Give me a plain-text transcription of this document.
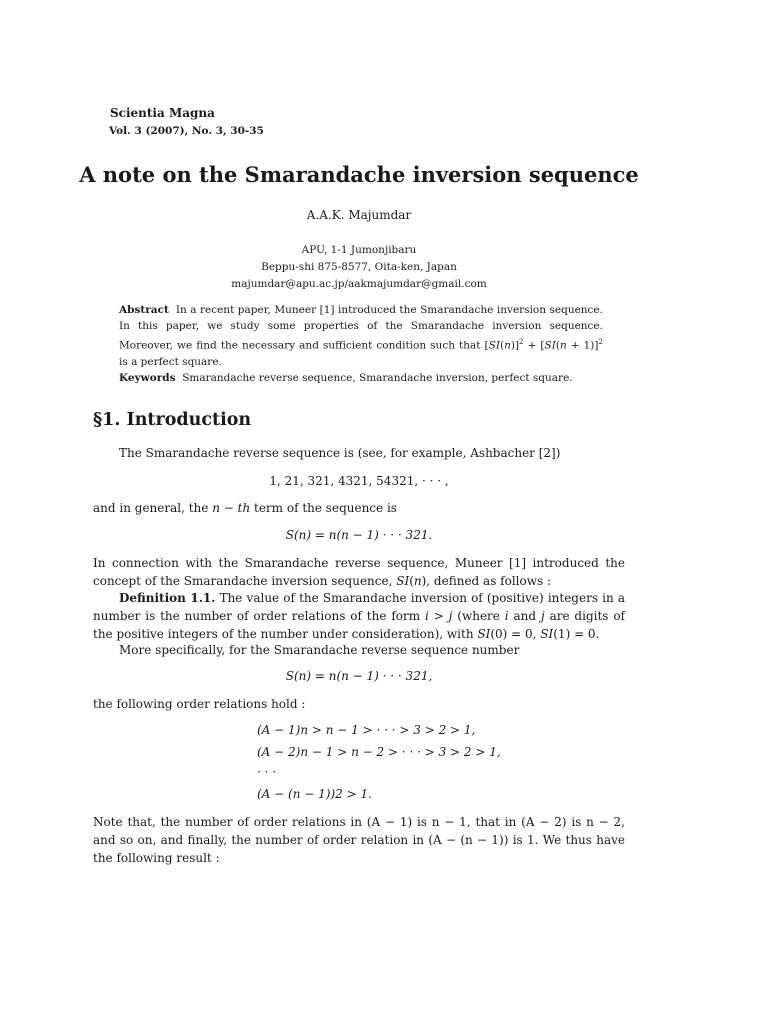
Scientia Magna
Vol. 3 (2007), No. 3, 30-35
A note on the Smarandache inversion sequence
A.A.K. Majumdar
APU, 1-1 Jumonjibaru
Beppu-shi 875-8577, Oita-ken, Japan
majumdar@apu.ac.jp/aakmajumdar@gmail.com
Abstract In a recent paper, Muneer [1] introduced the Smarandache inversion sequence. In this paper, we study some properties of the Smarandache inversion sequence. Moreover, we find the necessary and sufficient condition such that $[SI(n)]^2 + [SI(n + 1)]^2$ is a perfect square.
Keywords Smarandache reverse sequence, Smarandache inversion, perfect square.
§1. Introduction
The Smarandache reverse sequence is (see, for example, Ashbacher [2])
1, 21, 321, 4321, 54321, · · · ,
and in general, the n − th term of the sequence is
S(n) = n(n − 1) · · · 321.
In connection with the Smarandache reverse sequence, Muneer [1] introduced the concept of the Smarandache inversion sequence, SI(n), defined as follows :
Definition 1.1. The value of the Smarandache inversion of (positive) integers in a number is the number of order relations of the form i > j (where i and j are digits of the positive integers of the number under consideration), with SI(0) = 0, SI(1) = 0.
More specifically, for the Smarandache reverse sequence number
S(n) = n(n − 1) · · · 321,
the following order relations hold :
(A − 1)n > n − 1 > · · · > 3 > 2 > 1,
(A − 2)n − 1 > n − 2 > · · · > 3 > 2 > 1,
· · ·
(A − (n − 1))2 > 1.
Note that, the number of order relations in (A − 1) is n − 1, that in (A − 2) is n − 2, and so on, and finally, the number of order relation in (A − (n − 1)) is 1. We thus have the following result :
